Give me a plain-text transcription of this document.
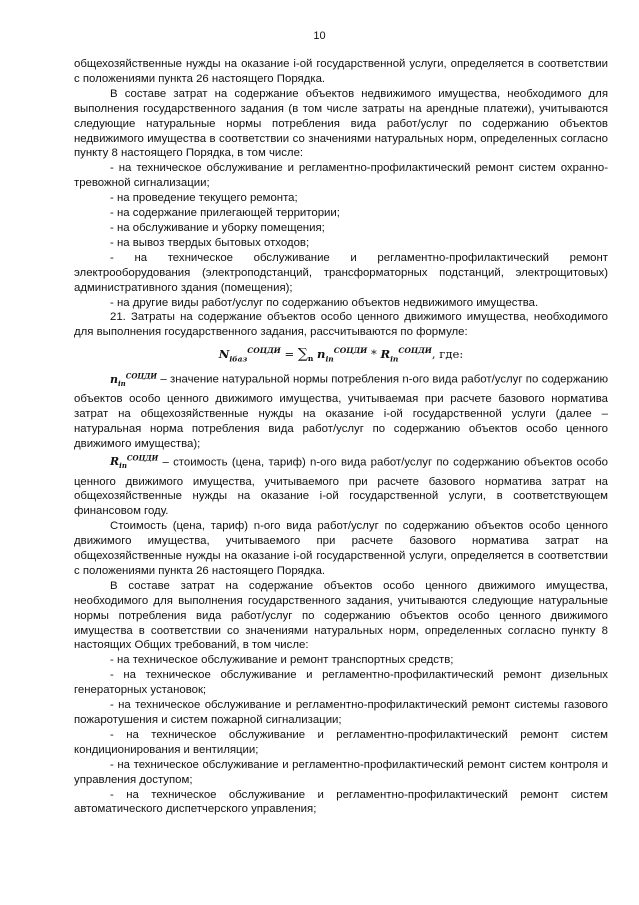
10

общехозяйственные нужды на оказание i-ой государственной услуги, определяется в соответствии с положениями пункта 26 настоящего Порядка.

В составе затрат на содержание объектов недвижимого имущества, необходимого для выполнения государственного задания (в том числе затраты на арендные платежи), учитываются следующие натуральные нормы потребления вида работ/услуг по содержанию объектов недвижимого имущества в соответствии со значениями натуральных норм, определенных согласно пункту 8 настоящего Порядка, в том числе:

- на техническое обслуживание и регламентно-профилактический ремонт систем охранно-тревожной сигнализации;

- на проведение текущего ремонта;

- на содержание прилегающей территории;

- на обслуживание и уборку помещения;

- на вывоз твердых бытовых отходов;

- на техническое обслуживание и регламентно-профилактический ремонт электрооборудования (электроподстанций, трансформаторных подстанций, электрощитовых) административного здания (помещения);

- на другие виды работ/услуг по содержанию объектов недвижимого имущества.

21. Затраты на содержание объектов особо ценного движимого имущества, необходимого для выполнения государственного задания, рассчитываются по формуле:

$N_{iбаз}^{СОЦДИ} = \sum_n$ $n_{in}^{СОЦДИ} * R_{in}^{СОЦДИ}$, где:

$n_{in}^{СОЦДИ}$ – значение натуральной нормы потребления n-ого вида работ/услуг по содержанию объектов особо ценного движимого имущества, учитываемая при расчете базового норматива затрат на общехозяйственные нужды на оказание i-ой государственной услуги (далее – натуральная норма потребления вида работ/услуг по содержанию объектов особо ценного движимого имущества);

$R_{in}^{СОЦДИ}$ – стоимость (цена, тариф) n-ого вида работ/услуг по содержанию объектов особо ценного движимого имущества, учитываемого при расчете базового норматива затрат на общехозяйственные нужды на оказание i-ой государственной услуги, в соответствующем финансовом году.

Стоимость (цена, тариф) n-ого вида работ/услуг по содержанию объектов особо ценного движимого имущества, учитываемого при расчете базового норматива затрат на общехозяйственные нужды на оказание i-ой государственной услуги, определяется в соответствии с положениями пункта 26 настоящего Порядка.

В составе затрат на содержание объектов особо ценного движимого имущества, необходимого для выполнения государственного задания, учитываются следующие натуральные нормы потребления вида работ/услуг по содержанию объектов особо ценного движимого имущества в соответствии со значениями натуральных норм, определенных согласно пункту 8 настоящих Общих требований, в том числе:

- на техническое обслуживание и ремонт транспортных средств;

- на техническое обслуживание и регламентно-профилактический ремонт дизельных генераторных установок;

- на техническое обслуживание и регламентно-профилактический ремонт системы газового пожаротушения и систем пожарной сигнализации;

- на техническое обслуживание и регламентно-профилактический ремонт систем кондиционирования и вентиляции;

- на техническое обслуживание и регламентно-профилактический ремонт систем контроля и управления доступом;

- на техническое обслуживание и регламентно-профилактический ремонт систем автоматического диспетчерского управления;
